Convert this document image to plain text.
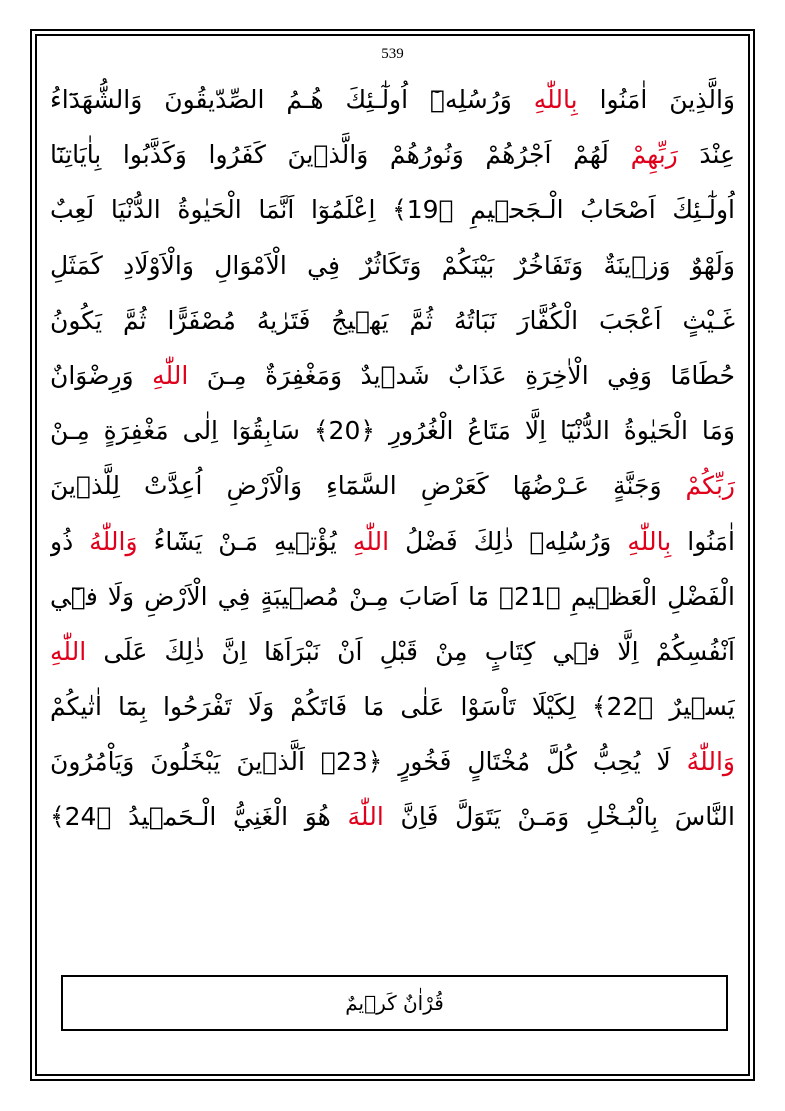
539
وَالَّذِينَ اٰمَنُوا بِاللّٰهِ وَرُسُلِهٖٓ اُولٰٓـئِكَ هُـمُ الصِّدّيقُونَ وَالشُّهَدَٓاءُ
عِنْدَ رَبِّهِمْ لَهُمْ اَجْرُهُمْ وَنُورُهُمْ وَالَّذٖينَ كَفَرُوا وَكَذَّبُوا بِاٰيَاتِنَٓا
اُولٰٓـئِكَ اَصْحَابُ الْـجَحٖيمِ ﴿19﴾ اِعْلَمُوٓا اَنَّمَا الْحَيٰوةُ الدُّنْيَا لَعِبٌ
وَلَهْوٌ وَزٖينَةٌ وَتَفَاخُرٌ بَيْنَكُمْ وَتَكَاثُرٌ فِي الْاَمْوَالِ وَالْاَوْلَادِ كَمَثَلِ
غَـيْثٍ اَعْجَبَ الْكُفَّارَ نَبَاتُهُ ثُمَّ يَهٖيجُ فَتَرٰيهُ مُصْفَرًّا ثُمَّ يَكُونُ
حُطَامًا وَفِي الْاٰخِرَةِ عَذَابٌ شَدٖيدٌ وَمَغْفِرَةٌ مِـنَ اللّٰهِ وَرِضْوَانٌ
وَمَا الْحَيٰوةُ الدُّنْيَٓا اِلَّا مَتَاعُ الْغُرُورِ ﴿20﴾ سَابِقُوٓا اِلٰى مَغْفِرَةٍ مِـنْ
رَبِّكُمْ وَجَنَّةٍ عَـرْضُهَا كَعَرْضِ السَّمَٓاءِ وَالْاَرْضِ اُعِدَّتْ لِلَّذٖينَ
اٰمَنُوا بِاللّٰهِ وَرُسُلِهٖ ذٰلِكَ فَضْلُ اللّٰهِ يُؤْتٖيهِ مَـنْ يَشَٓاءُ وَاللّٰهُ ذُو
الْفَضْلِ الْعَظٖيمِ ﴿21﴾ مَٓا اَصَابَ مِـنْ مُصٖيبَةٍ فِي الْاَرْضِ وَلَا فٖٓي
اَنْفُسِكُمْ اِلَّا فٖي كِتَابٍ مِنْ قَبْلِ اَنْ نَبْرَاَهَا اِنَّ ذٰلِكَ عَلَى اللّٰهِ
يَسٖيرٌ ﴿22﴾ لِكَيْلَا تَاْسَوْا عَلٰى مَا فَاتَكُمْ وَلَا تَفْرَحُوا بِمَٓا اٰتٰيكُمْ
وَاللّٰهُ لَا يُحِبُّ كُلَّ مُخْتَالٍ فَخُورٍ ﴿23﴾ اَلَّذٖينَ يَبْخَلُونَ وَيَاْمُرُونَ
النَّاسَ بِالْبُـخْلِ وَمَـنْ يَتَوَلَّ فَاِنَّ اللّٰهَ هُوَ الْغَنِيُّ الْـحَمٖيدُ ﴿24﴾
قُرْاٰنٌ كَرٖيمٌ
